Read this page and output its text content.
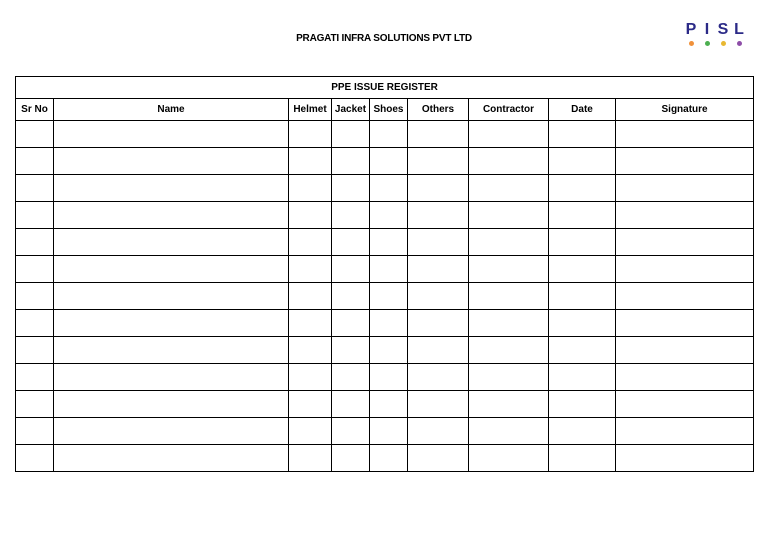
PRAGATI INFRA SOLUTIONS PVT LTD
P I S L
PPE ISSUE REGISTER								
Sr No	Name	Helmet	Jacket	Shoes	Others	Contractor	Date	Signature
